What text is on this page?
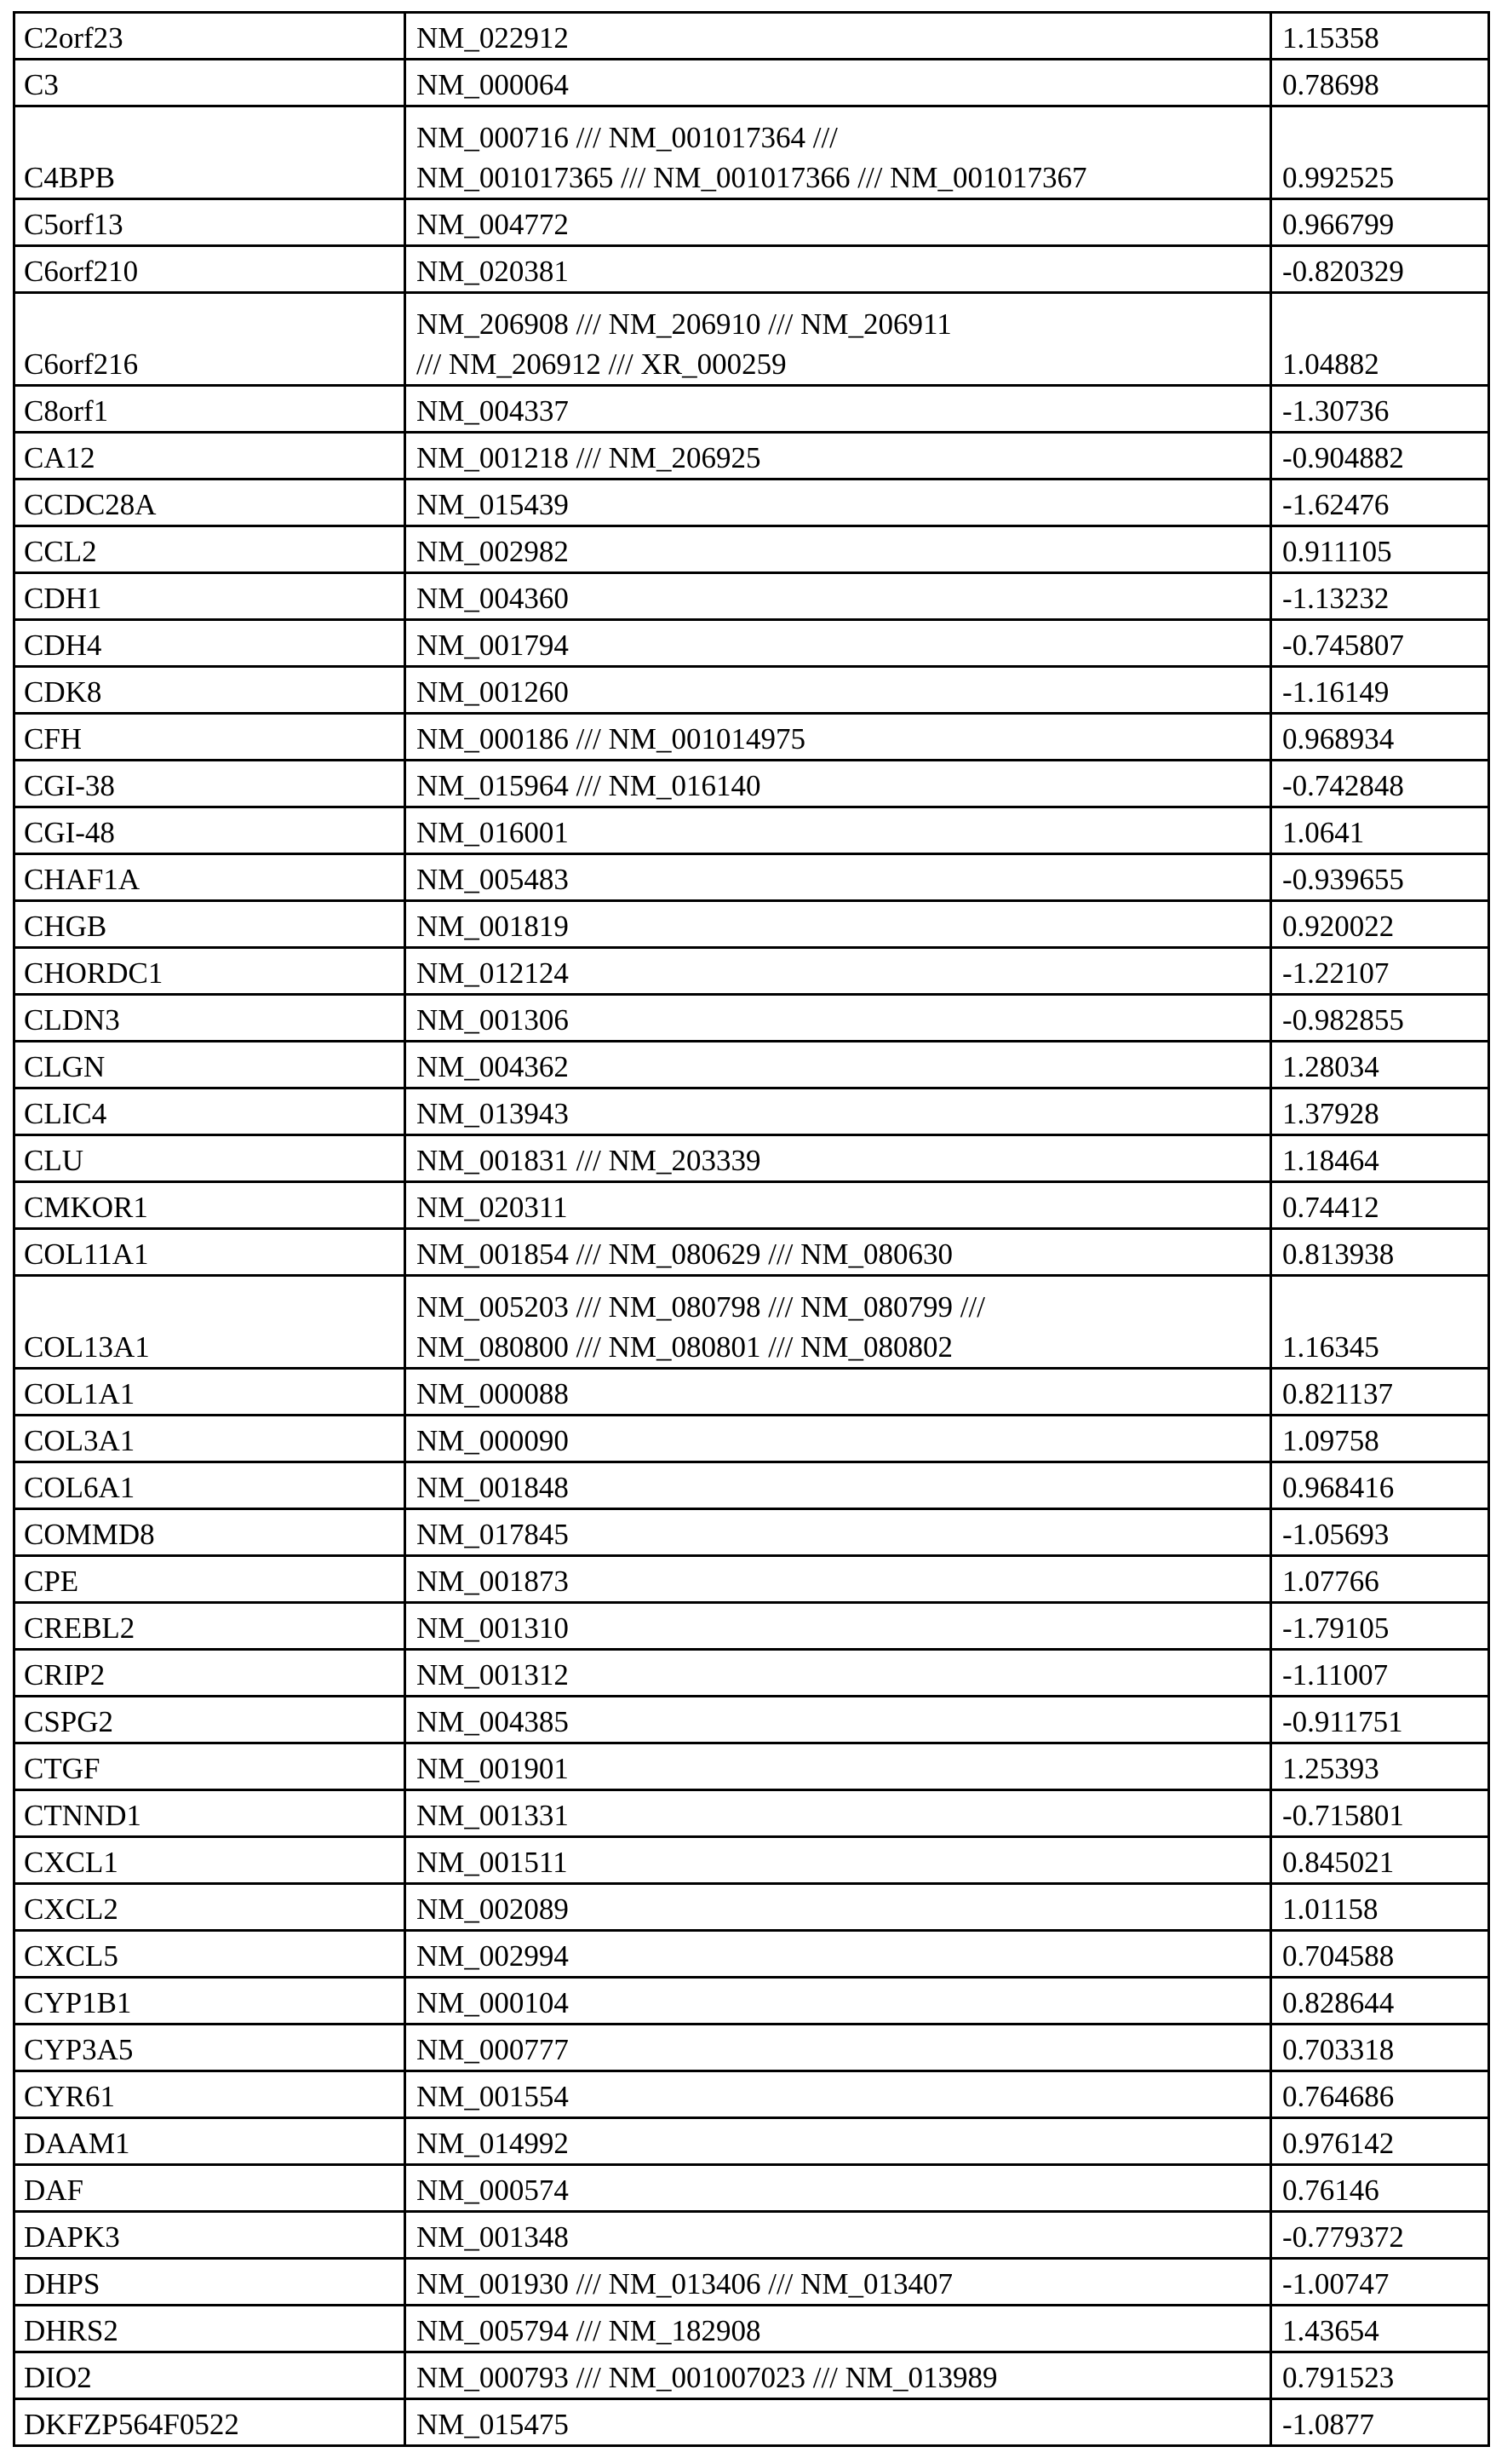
C2orf23	NM_022912	1.15358
C3	NM_000064	0.78698
C4BPB	NM_000716 /// NM_001017364 ///
NM_001017365 /// NM_001017366 /// NM_001017367	0.992525
C5orf13	NM_004772	0.966799
C6orf210	NM_020381	-0.820329
C6orf216	NM_206908 /// NM_206910 /// NM_206911
/// NM_206912 /// XR_000259	1.04882
C8orf1	NM_004337	-1.30736
CA12	NM_001218 /// NM_206925	-0.904882
CCDC28A	NM_015439	-1.62476
CCL2	NM_002982	0.911105
CDH1	NM_004360	-1.13232
CDH4	NM_001794	-0.745807
CDK8	NM_001260	-1.16149
CFH	NM_000186 /// NM_001014975	0.968934
CGI-38	NM_015964 /// NM_016140	-0.742848
CGI-48	NM_016001	1.0641
CHAF1A	NM_005483	-0.939655
CHGB	NM_001819	0.920022
CHORDC1	NM_012124	-1.22107
CLDN3	NM_001306	-0.982855
CLGN	NM_004362	1.28034
CLIC4	NM_013943	1.37928
CLU	NM_001831 /// NM_203339	1.18464
CMKOR1	NM_020311	0.74412
COL11A1	NM_001854 /// NM_080629 /// NM_080630	0.813938
COL13A1	NM_005203 /// NM_080798 /// NM_080799 ///
NM_080800 /// NM_080801 /// NM_080802	1.16345
COL1A1	NM_000088	0.821137
COL3A1	NM_000090	1.09758
COL6A1	NM_001848	0.968416
COMMD8	NM_017845	-1.05693
CPE	NM_001873	1.07766
CREBL2	NM_001310	-1.79105
CRIP2	NM_001312	-1.11007
CSPG2	NM_004385	-0.911751
CTGF	NM_001901	1.25393
CTNND1	NM_001331	-0.715801
CXCL1	NM_001511	0.845021
CXCL2	NM_002089	1.01158
CXCL5	NM_002994	0.704588
CYP1B1	NM_000104	0.828644
CYP3A5	NM_000777	0.703318
CYR61	NM_001554	0.764686
DAAM1	NM_014992	0.976142
DAF	NM_000574	0.76146
DAPK3	NM_001348	-0.779372
DHPS	NM_001930 /// NM_013406 /// NM_013407	-1.00747
DHRS2	NM_005794 /// NM_182908	1.43654
DIO2	NM_000793 /// NM_001007023 /// NM_013989	0.791523
DKFZP564F0522	NM_015475	-1.0877
